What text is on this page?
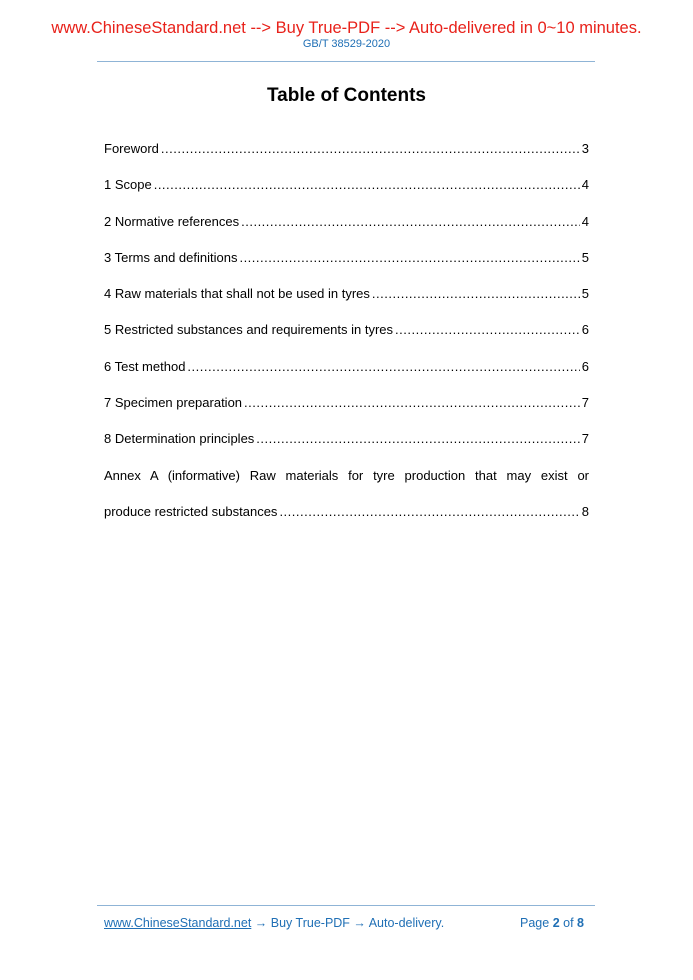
www.ChineseStandard.net --> Buy True-PDF --> Auto-delivered in 0~10 minutes.
GB/T 38529-2020
Table of Contents
Foreword .....	3
1 Scope .....	4
2 Normative references .....	4
3 Terms and definitions .....	5
4 Raw materials that shall not be used in tyres .....	5
5 Restricted substances and requirements in tyres .....	6
6 Test method .....	6
7 Specimen preparation .....	7
8 Determination principles .....	7
Annex A (informative) Raw materials for tyre production that may exist or
produce restricted substances .....	8
www.ChineseStandard.net → Buy True-PDF → Auto-delivery.	Page 2 of 8
